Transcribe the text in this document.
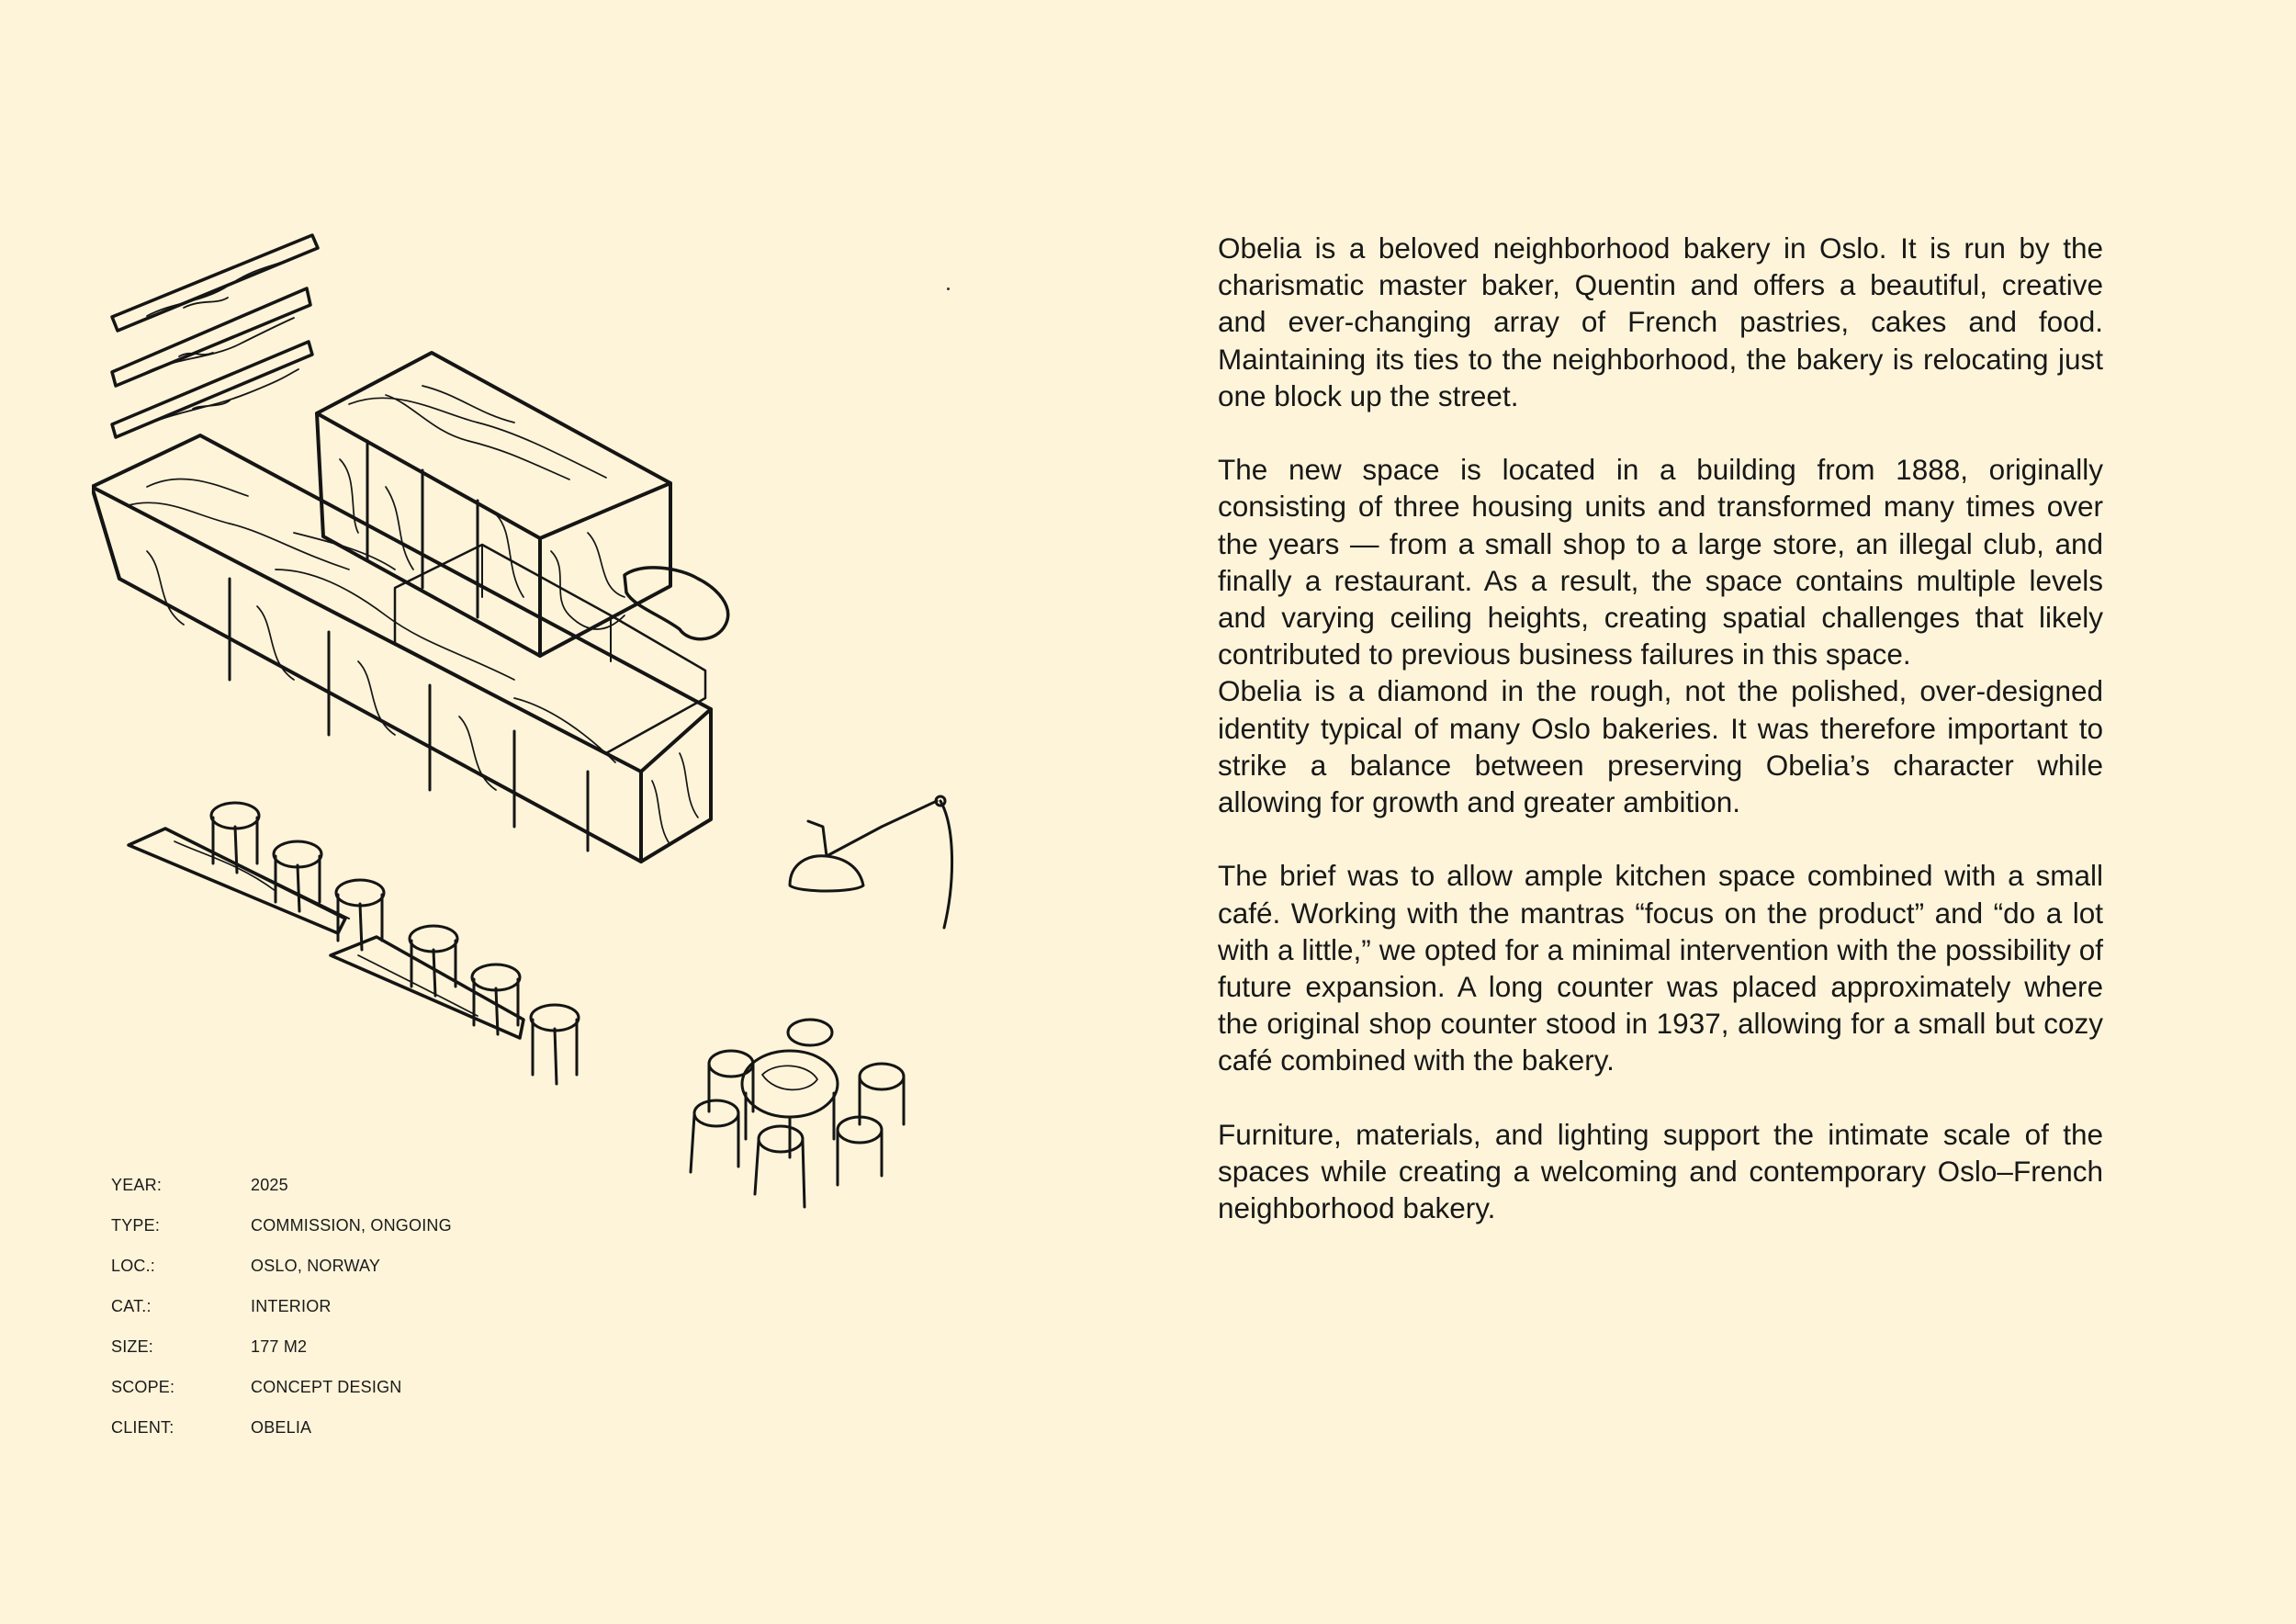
YEAR:	2025
TYPE:	COMMISSION, ONGOING
LOC.:	OSLO, NORWAY
CAT.:	INTERIOR
SIZE:	177 M2
SCOPE:	CONCEPT DESIGN
CLIENT:	OBELIA

Obelia is a beloved neighborhood bakery in Oslo. It is run by the charismatic master baker, Quentin and offers a beautiful, creative and ever-changing array of French pastries, cakes and food. Maintaining its ties to the neighborhood, the bakery is relocating just one block up the street.

The new space is located in a building from 1888, originally consisting of three housing units and transformed many times over the years — from a small shop to a large store, an illegal club, and finally a restaurant. As a result, the space contains multiple levels and varying ceiling heights, creating spatial challenges that likely contributed to previous business failures in this space.

Obelia is a diamond in the rough, not the polished, over-designed identity typical of many Oslo bakeries. It was therefore important to strike a balance between preserving Obelia’s character while allowing for growth and greater ambition.

The brief was to allow ample kitchen space combined with a small café. Working with the mantras “focus on the product” and “do a lot with a little,” we opted for a minimal intervention with the possibility of future expansion. A long counter was placed approximately where the original shop counter stood in 1937, allowing for a small but cozy café combined with the bakery.

Furniture, materials, and lighting support the intimate scale of the spaces while creating a welcoming and contemporary Oslo–French neighborhood bakery.
